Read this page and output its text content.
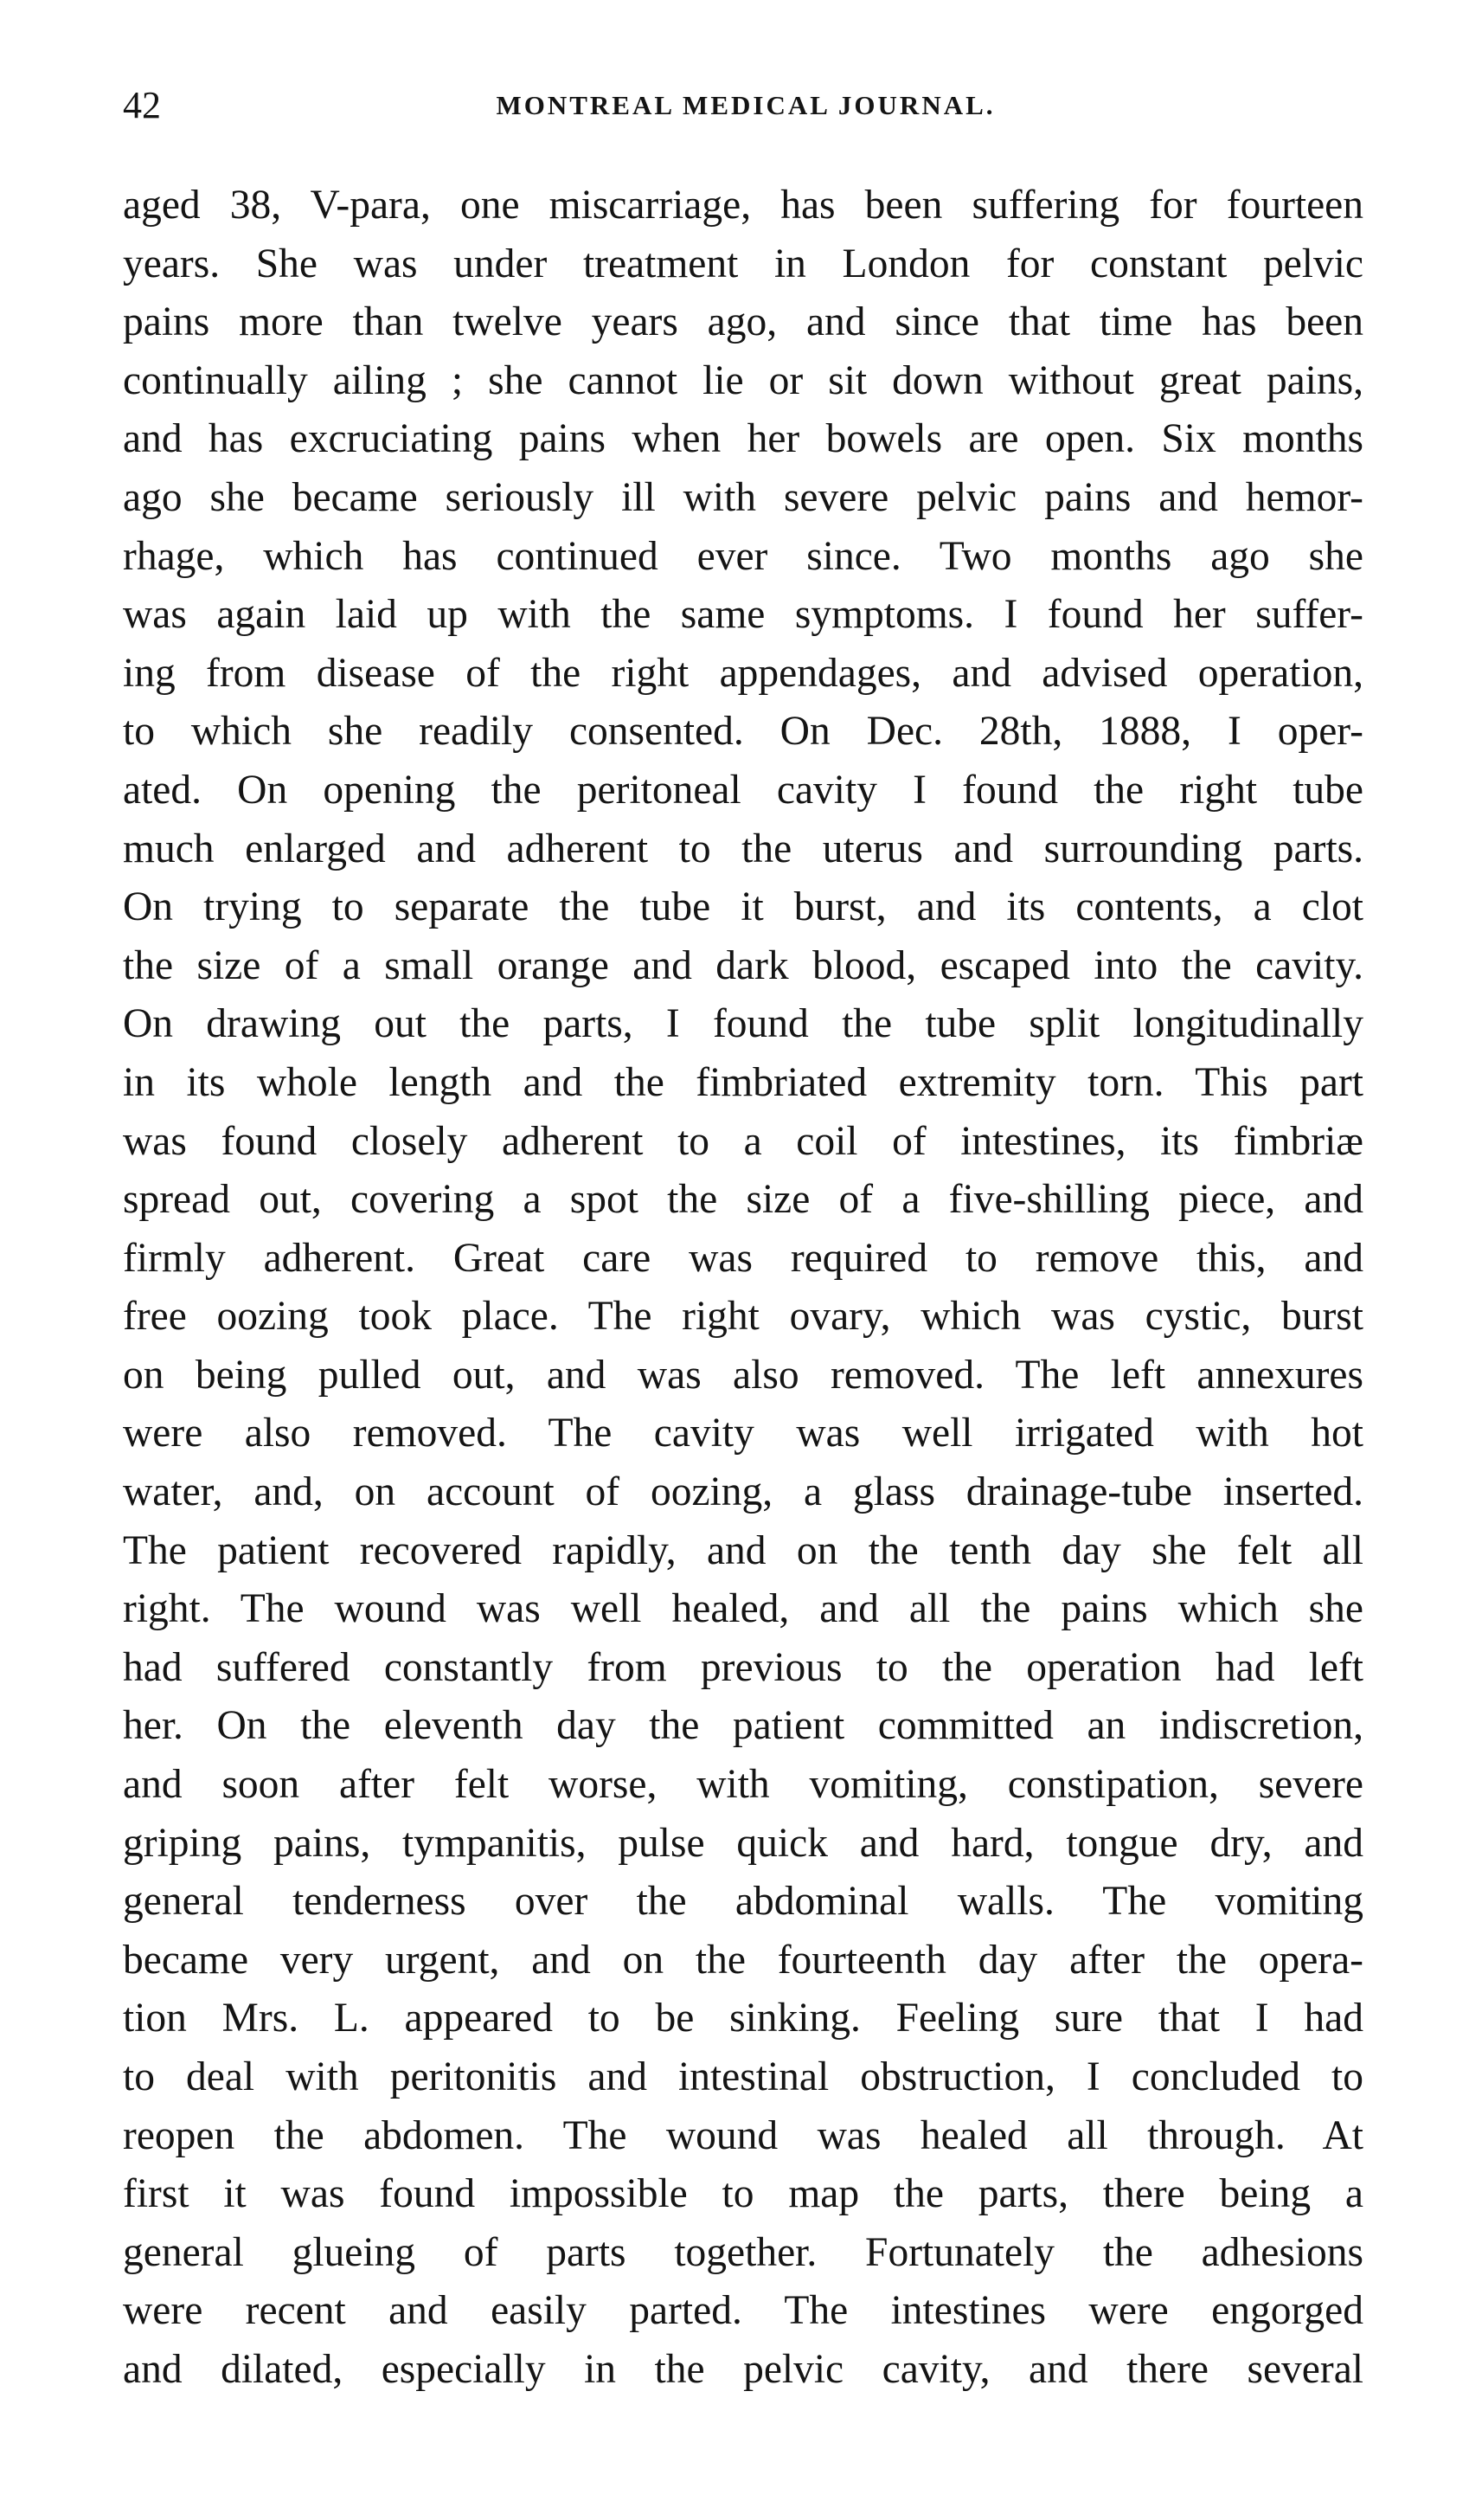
42	MONTREAL MEDICAL JOURNAL.
aged 38, V-para, one miscarriage, has been suffering for fourteen
years. She was under treatment in London for constant pelvic
pains more than twelve years ago, and since that time has been
continually ailing ; she cannot lie or sit down without great pains,
and has excruciating pains when her bowels are open. Six months
ago she became seriously ill with severe pelvic pains and hemor-
rhage, which has continued ever since. Two months ago she
was again laid up with the same symptoms. I found her suffer-
ing from disease of the right appendages, and advised operation,
to which she readily consented. On Dec. 28th, 1888, I oper-
ated. On opening the peritoneal cavity I found the right tube
much enlarged and adherent to the uterus and surrounding parts.
On trying to separate the tube it burst, and its contents, a clot
the size of a small orange and dark blood, escaped into the cavity.
On drawing out the parts, I found the tube split longitudinally
in its whole length and the fimbriated extremity torn. This part
was found closely adherent to a coil of intestines, its fimbriæ
spread out, covering a spot the size of a five-shilling piece, and
firmly adherent. Great care was required to remove this, and
free oozing took place. The right ovary, which was cystic, burst
on being pulled out, and was also removed. The left annexures
were also removed. The cavity was well irrigated with hot
water, and, on account of oozing, a glass drainage-tube inserted.
The patient recovered rapidly, and on the tenth day she felt all
right. The wound was well healed, and all the pains which she
had suffered constantly from previous to the operation had left
her. On the eleventh day the patient committed an indiscretion,
and soon after felt worse, with vomiting, constipation, severe
griping pains, tympanitis, pulse quick and hard, tongue dry, and
general tenderness over the abdominal walls. The vomiting
became very urgent, and on the fourteenth day after the opera-
tion Mrs. L. appeared to be sinking. Feeling sure that I had
to deal with peritonitis and intestinal obstruction, I concluded to
reopen the abdomen. The wound was healed all through. At
first it was found impossible to map the parts, there being a
general glueing of parts together. Fortunately the adhesions
were recent and easily parted. The intestines were engorged
and dilated, especially in the pelvic cavity, and there several
